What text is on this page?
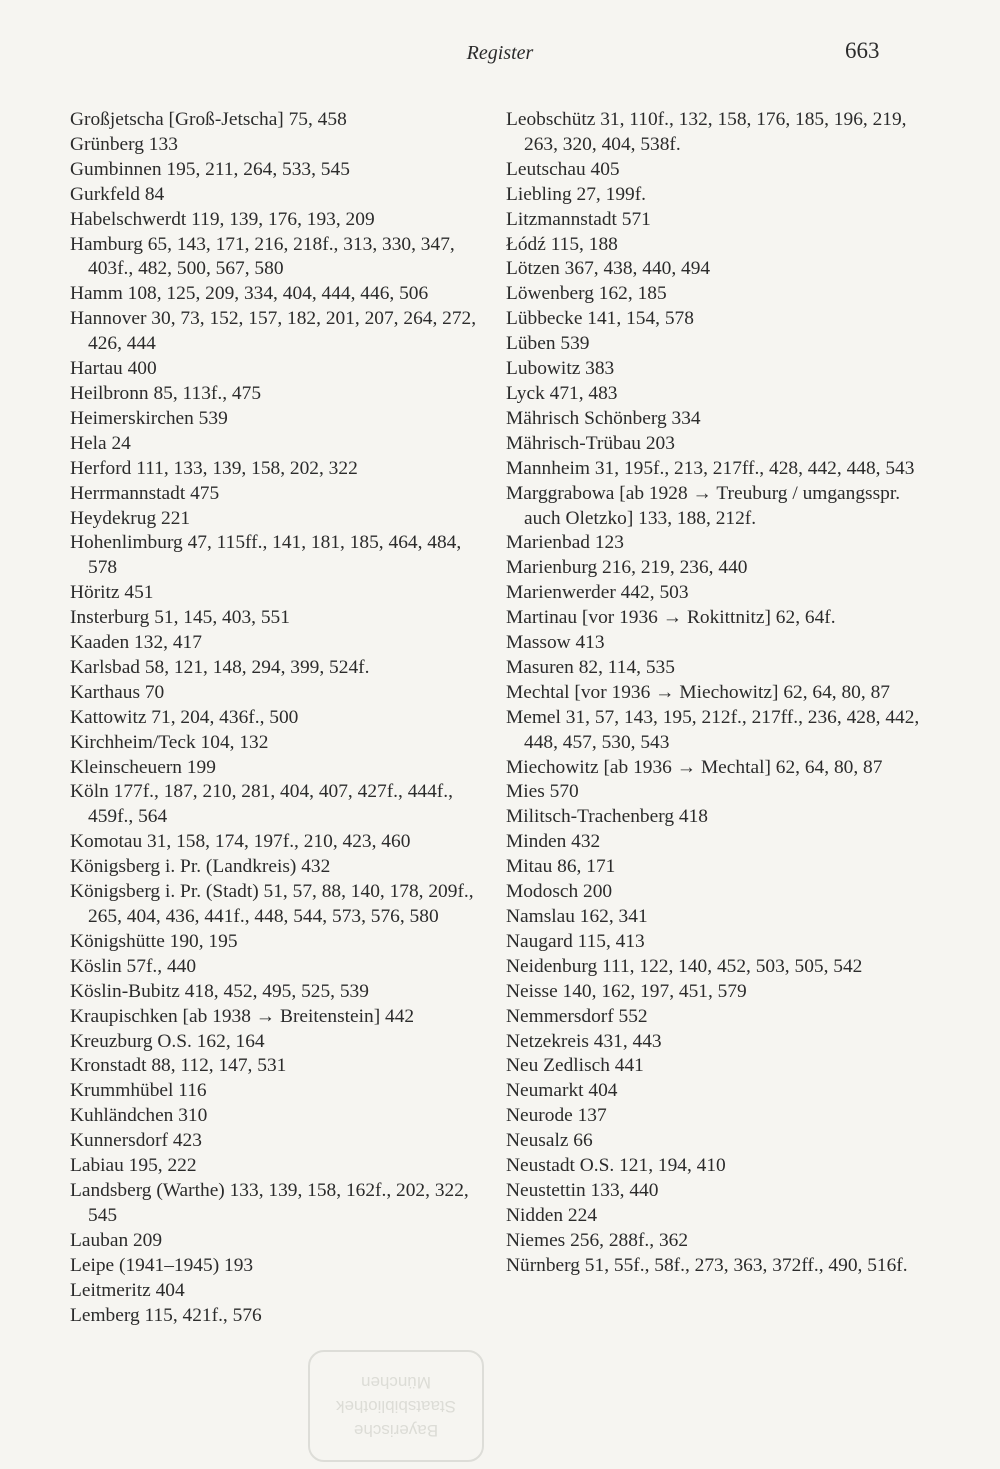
Register	663
Großjetscha [Groß-Jetscha] 75, 458
Grünberg 133
Gumbinnen 195, 211, 264, 533, 545
Gurkfeld 84
Habelschwerdt 119, 139, 176, 193, 209
Hamburg 65, 143, 171, 216, 218f., 313, 330, 347, 403f., 482, 500, 567, 580
Hamm 108, 125, 209, 334, 404, 444, 446, 506
Hannover 30, 73, 152, 157, 182, 201, 207, 264, 272, 426, 444
Hartau 400
Heilbronn 85, 113f., 475
Heimerskirchen 539
Hela 24
Herford 111, 133, 139, 158, 202, 322
Herrmannstadt 475
Heydekrug 221
Hohenlimburg 47, 115ff., 141, 181, 185, 464, 484, 578
Höritz 451
Insterburg 51, 145, 403, 551
Kaaden 132, 417
Karlsbad 58, 121, 148, 294, 399, 524f.
Karthaus 70
Kattowitz 71, 204, 436f., 500
Kirchheim/Teck 104, 132
Kleinscheuern 199
Köln 177f., 187, 210, 281, 404, 407, 427f., 444f., 459f., 564
Komotau 31, 158, 174, 197f., 210, 423, 460
Königsberg i. Pr. (Landkreis) 432
Königsberg i. Pr. (Stadt) 51, 57, 88, 140, 178, 209f., 265, 404, 436, 441f., 448, 544, 573, 576, 580
Königshütte 190, 195
Köslin 57f., 440
Köslin-Bubitz 418, 452, 495, 525, 539
Kraupischken [ab 1938 → Breitenstein] 442
Kreuzburg O.S. 162, 164
Kronstadt 88, 112, 147, 531
Krummhübel 116
Kuhländchen 310
Kunnersdorf 423
Labiau 195, 222
Landsberg (Warthe) 133, 139, 158, 162f., 202, 322, 545
Lauban 209
Leipe (1941–1945) 193
Leitmeritz 404
Lemberg 115, 421f., 576
Leobschütz 31, 110f., 132, 158, 176, 185, 196, 219, 263, 320, 404, 538f.
Leutschau 405
Liebling 27, 199f.
Litzmannstadt 571
Łódź 115, 188
Lötzen 367, 438, 440, 494
Löwenberg 162, 185
Lübbecke 141, 154, 578
Lüben 539
Lubowitz 383
Lyck 471, 483
Mährisch Schönberg 334
Mährisch-Trübau 203
Mannheim 31, 195f., 213, 217ff., 428, 442, 448, 543
Marggrabowa [ab 1928 → Treuburg / umgangsspr. auch Oletzko] 133, 188, 212f.
Marienbad 123
Marienburg 216, 219, 236, 440
Marienwerder 442, 503
Martinau [vor 1936 → Rokittnitz] 62, 64f.
Massow 413
Masuren 82, 114, 535
Mechtal [vor 1936 → Miechowitz] 62, 64, 80, 87
Memel 31, 57, 143, 195, 212f., 217ff., 236, 428, 442, 448, 457, 530, 543
Miechowitz [ab 1936 → Mechtal] 62, 64, 80, 87
Mies 570
Militsch-Trachenberg 418
Minden 432
Mitau 86, 171
Modosch 200
Namslau 162, 341
Naugard 115, 413
Neidenburg 111, 122, 140, 452, 503, 505, 542
Neisse 140, 162, 197, 451, 579
Nemmersdorf 552
Netzekreis 431, 443
Neu Zedlisch 441
Neumarkt 404
Neurode 137
Neusalz 66
Neustadt O.S. 121, 194, 410
Neustettin 133, 440
Nidden 224
Niemes 256, 288f., 362
Nürnberg 51, 55f., 58f., 273, 363, 372ff., 490, 516f.
Bayerische
Staatsbibliothek
München
